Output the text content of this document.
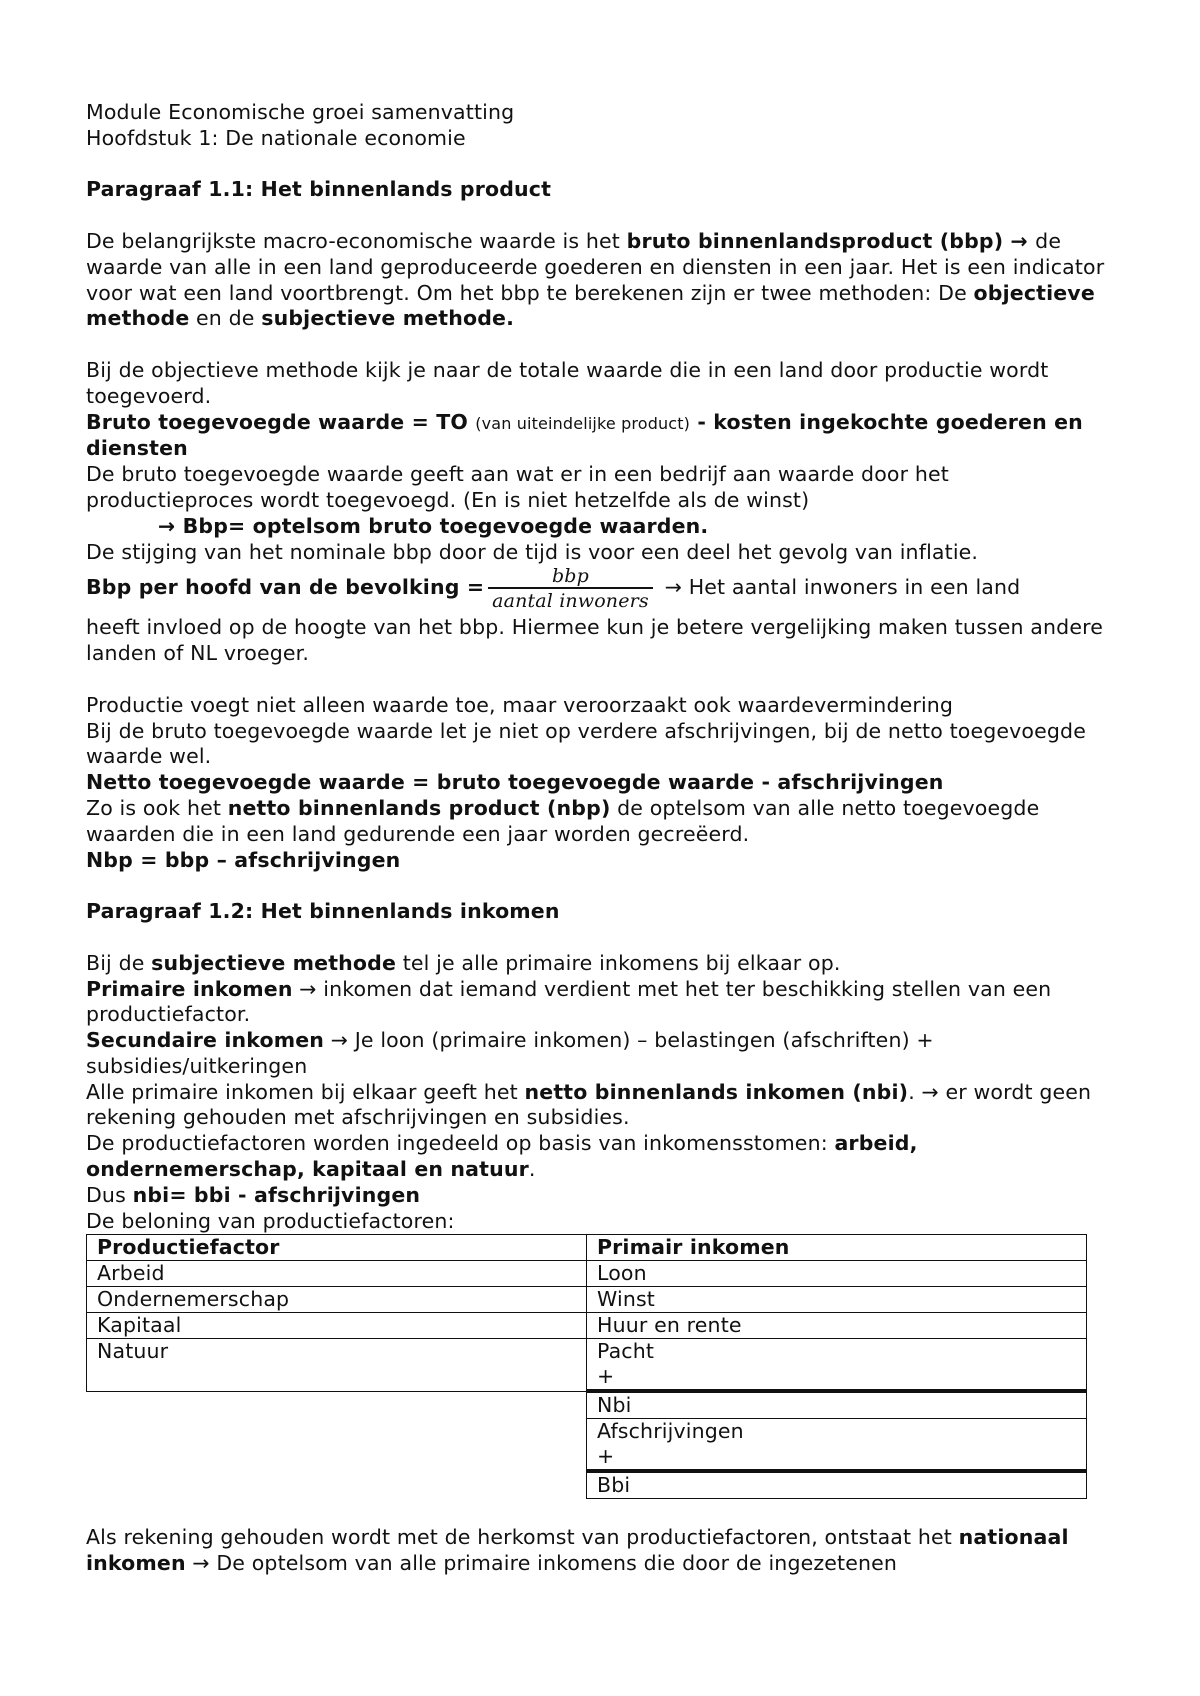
Module Economische groei samenvatting

Hoofdstuk 1: De nationale economie

Paragraaf 1.1: Het binnenlands product

De belangrijkste macro-economische waarde is het bruto binnenlandsproduct (bbp) → de waarde van alle in een land geproduceerde goederen en diensten in een jaar. Het is een indicator voor wat een land voortbrengt. Om het bbp te berekenen zijn er twee methoden: De objectieve methode en de subjectieve methode.

Bij de objectieve methode kijk je naar de totale waarde die in een land door productie wordt toegevoerd.

Bruto toegevoegde waarde = TO (van uiteindelijke product) - kosten ingekochte goederen en diensten

De bruto toegevoegde waarde geeft aan wat er in een bedrijf aan waarde door het productieproces wordt toegevoegd. (En is niet hetzelfde als de winst)

→ Bbp= optelsom bruto toegevoegde waarden.

De stijging van het nominale bbp door de tijd is voor een deel het gevolg van inflatie.

Bbp per hoofd van de bevolking = $\frac{\text{bbp}}{\text{aantal inwoners}}$ → Het aantal inwoners in een land

heeft invloed op de hoogte van het bbp. Hiermee kun je betere vergelijking maken tussen andere landen of NL vroeger.

Productie voegt niet alleen waarde toe, maar veroorzaakt ook waardevermindering

Bij de bruto toegevoegde waarde let je niet op verdere afschrijvingen, bij de netto toegevoegde waarde wel.

Netto toegevoegde waarde = bruto toegevoegde waarde - afschrijvingen

Zo is ook het netto binnenlands product (nbp) de optelsom van alle netto toegevoegde waarden die in een land gedurende een jaar worden gecreëerd.

Nbp = bbp – afschrijvingen

Paragraaf 1.2: Het binnenlands inkomen

Bij de subjectieve methode tel je alle primaire inkomens bij elkaar op.

Primaire inkomen → inkomen dat iemand verdient met het ter beschikking stellen van een productiefactor.

Secundaire inkomen → Je loon (primaire inkomen) – belastingen (afschriften) + subsidies/uitkeringen

Alle primaire inkomen bij elkaar geeft het netto binnenlands inkomen (nbi). → er wordt geen rekening gehouden met afschrijvingen en subsidies.

De productiefactoren worden ingedeeld op basis van inkomensstomen: arbeid, ondernemerschap, kapitaal en natuur.

Dus nbi= bbi - afschrijvingen

De beloning van productiefactoren:

Productiefactor	Primair inkomen
Arbeid	Loon
Ondernemerschap	Winst
Kapitaal	Huur en rente
Natuur	Pacht
+

	Nbi

	Afschrijvingen
+

	Bbi

Als rekening gehouden wordt met de herkomst van productiefactoren, ontstaat het nationaal inkomen → De optelsom van alle primaire inkomens die door de ingezetenen
